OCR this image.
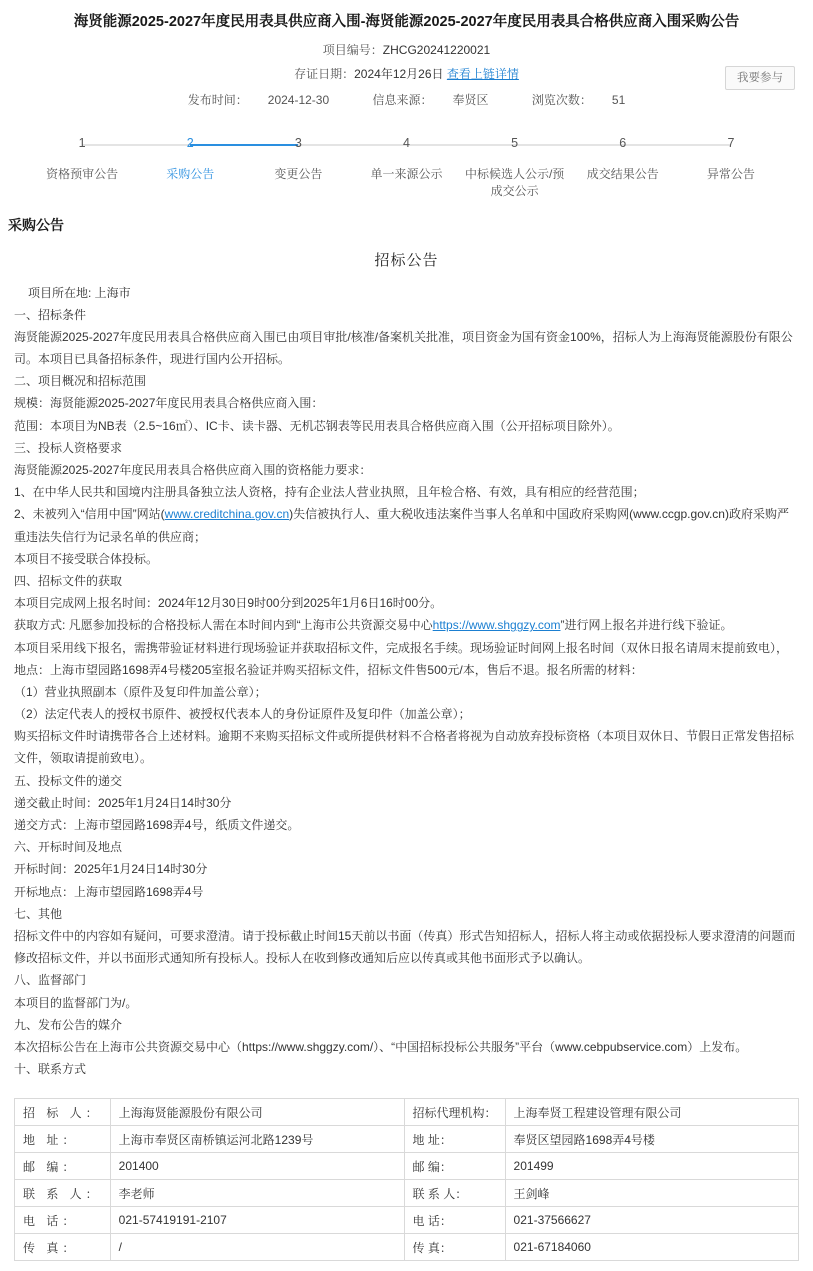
海贤能源2025-2027年度民用表具供应商入围-海贤能源2025-2027年度民用表具合格供应商入围采购公告
项目编号：ZHCG20241220021
存证日期：2024年12月26日 查看上链详情
发布时间： 2024-12-30	信息来源： 奉贤区	浏览次数： 51
我要参与
1
资格预审公告
2
采购公告
3
变更公告
4
单一来源公示
5
中标候选人公示/预成交公示
6
成交结果公告
7
异常公告
采购公告
招标公告

项目所在地: 上海市

一、招标条件

海贤能源2025-2027年度民用表具合格供应商入围已由项目审批/核准/备案机关批准，项目资金为国有资金100%，招标人为上海海贤能源股份有限公司。本项目已具备招标条件，现进行国内公开招标。

二、项目概况和招标范围

规模：海贤能源2025-2027年度民用表具合格供应商入围：

范围：本项目为NB表（2.5~16㎡）、IC卡、读卡器、无机芯钢表等民用表具合格供应商入围（公开招标项目除外）。

三、投标人资格要求

海贤能源2025-2027年度民用表具合格供应商入围的资格能力要求：

1、在中华人民共和国境内注册具备独立法人资格，持有企业法人营业执照，且年检合格、有效，具有相应的经营范围；

2、未被列入“信用中国”网站(www.creditchina.gov.cn)失信被执行人、重大税收违法案件当事人名单和中国政府采购网(www.ccgp.gov.cn)政府采购严重违法失信行为记录名单的供应商；

本项目不接受联合体投标。

四、招标文件的获取

本项目完成网上报名时间：2024年12月30日9时00分到2025年1月6日16时00分。

获取方式: 凡愿参加投标的合格投标人需在本时间内到“上海市公共资源交易中心https://www.shggzy.com”进行网上报名并进行线下验证。

本项目采用线下报名，需携带验证材料进行现场验证并获取招标文件，完成报名手续。现场验证时间网上报名时间（双休日报名请周末提前致电），地点：上海市望园路1698弄4号楼205室报名验证并购买招标文件，招标文件售500元/本，售后不退。报名所需的材料：

（1）营业执照副本（原件及复印件加盖公章）；

（2）法定代表人的授权书原件、被授权代表本人的身份证原件及复印件（加盖公章）；

购买招标文件时请携带各合上述材料。逾期不来购买招标文件或所提供材料不合格者将视为自动放弃投标资格（本项目双休日、节假日正常发售招标文件，领取请提前致电）。

五、投标文件的递交

递交截止时间：2025年1月24日14时30分

递交方式：上海市望园路1698弄4号，纸质文件递交。

六、开标时间及地点

开标时间：2025年1月24日14时30分

开标地点：上海市望园路1698弄4号

七、其他

招标文件中的内容如有疑问，可要求澄清。请于投标截止时间15天前以书面（传真）形式告知招标人，招标人将主动或依据投标人要求澄清的问题而修改招标文件，并以书面形式通知所有投标人。投标人在收到修改通知后应以传真或其他书面形式予以确认。

八、监督部门

本项目的监督部门为/。

九、发布公告的媒介

本次招标公告在上海市公共资源交易中心（https://www.shggzy.com/）、“中国招标投标公共服务”平台（www.cebpubservice.com）上发布。

十、联系方式

招 标 人：	上海海贤能源股份有限公司	招标代理机构：	上海奉贤工程建设管理有限公司
地 址：	上海市奉贤区南桥镇运河北路1239号	地 址：	奉贤区望园路1698弄4号楼
邮 编：	201400	邮 编：	201499
联 系 人：	李老师	联 系 人：	王剑峰
电 话：	021-57419191-2107	电 话：	021-37566627
传 真：	/	传 真：	021-67184060
